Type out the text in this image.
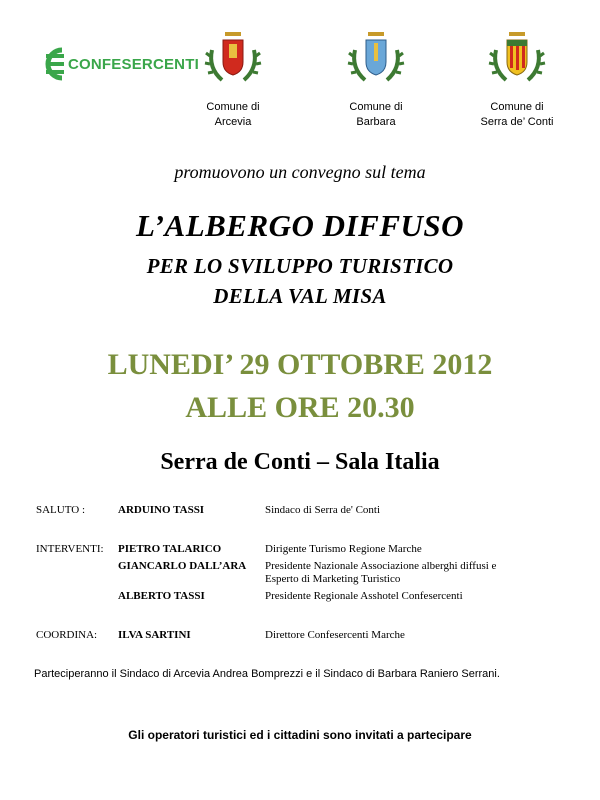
CONFESERCENTI
Comune di
Arcevia
Comune di
Barbara
Comune di
Serra de’ Conti
promuovono un convegno sul tema
L’ALBERGO DIFFUSO
PER LO SVILUPPO TURISTICO
DELLA VAL MISA
LUNEDI’ 29 OTTOBRE 2012
ALLE ORE 20.30
Serra de Conti – Sala Italia
SALUTO :	ARDUINO TASSI	Sindaco di Serra de' Conti
INTERVENTI: PIETRO TALARICO	Dirigente Turismo Regione Marche
GIANCARLO DALL’ARA Presidente Nazionale Associazione alberghi diffusi e
Esperto di Marketing Turistico
ALBERTO TASSI	Presidente Regionale Asshotel Confesercenti
COORDINA: ILVA SARTINI	Direttore Confesercenti Marche
Parteciperanno il Sindaco di Arcevia Andrea Bomprezzi e il Sindaco di Barbara Raniero Serrani.
Gli operatori turistici ed i cittadini sono invitati a partecipare
